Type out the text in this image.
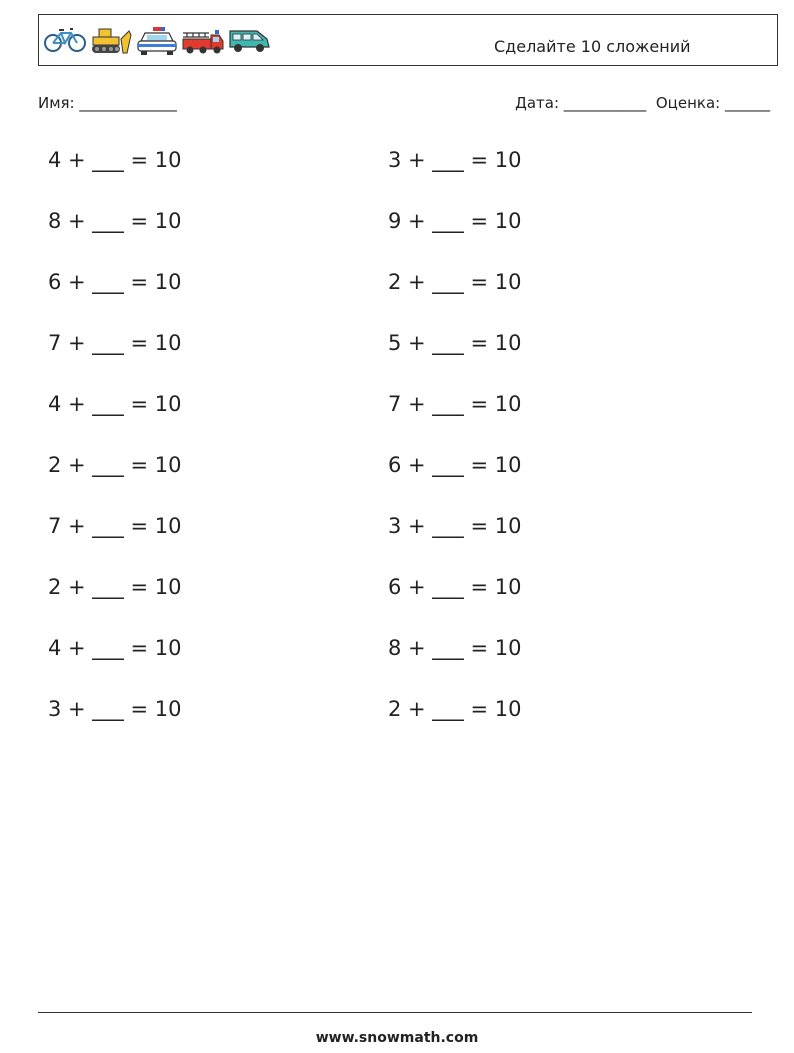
Сделайте 10 сложений
Имя: _____________	Дата: ___________ Оценка: ______
4 + ___ = 10
8 + ___ = 10
6 + ___ = 10
7 + ___ = 10
4 + ___ = 10
2 + ___ = 10
7 + ___ = 10
2 + ___ = 10
4 + ___ = 10
3 + ___ = 10
3 + ___ = 10
9 + ___ = 10
2 + ___ = 10
5 + ___ = 10
7 + ___ = 10
6 + ___ = 10
3 + ___ = 10
6 + ___ = 10
8 + ___ = 10
2 + ___ = 10
www.snowmath.com
